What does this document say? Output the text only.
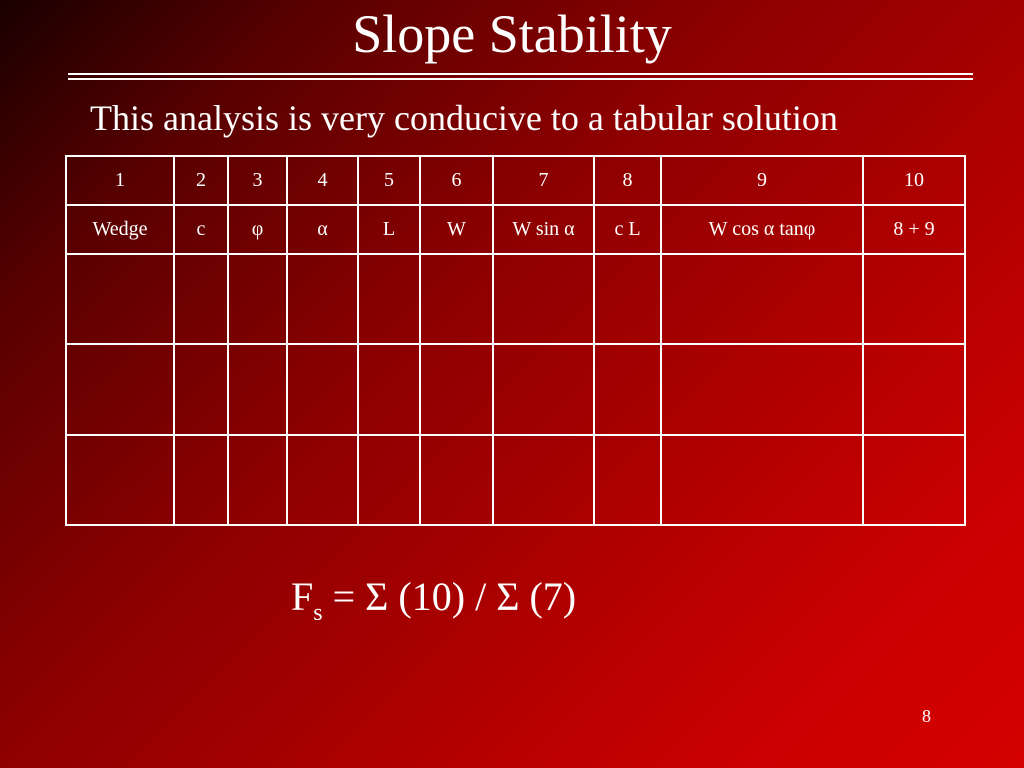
Slope Stability
This analysis is very conducive to a tabular solution
1	2	3	4	5	6	7	8	9	10
Wedge	c	φ	α	L	W	W sin α	c L	W cos α tanφ	8 + 9

$F_s = \Sigma$ (10) / Σ (7)
8
